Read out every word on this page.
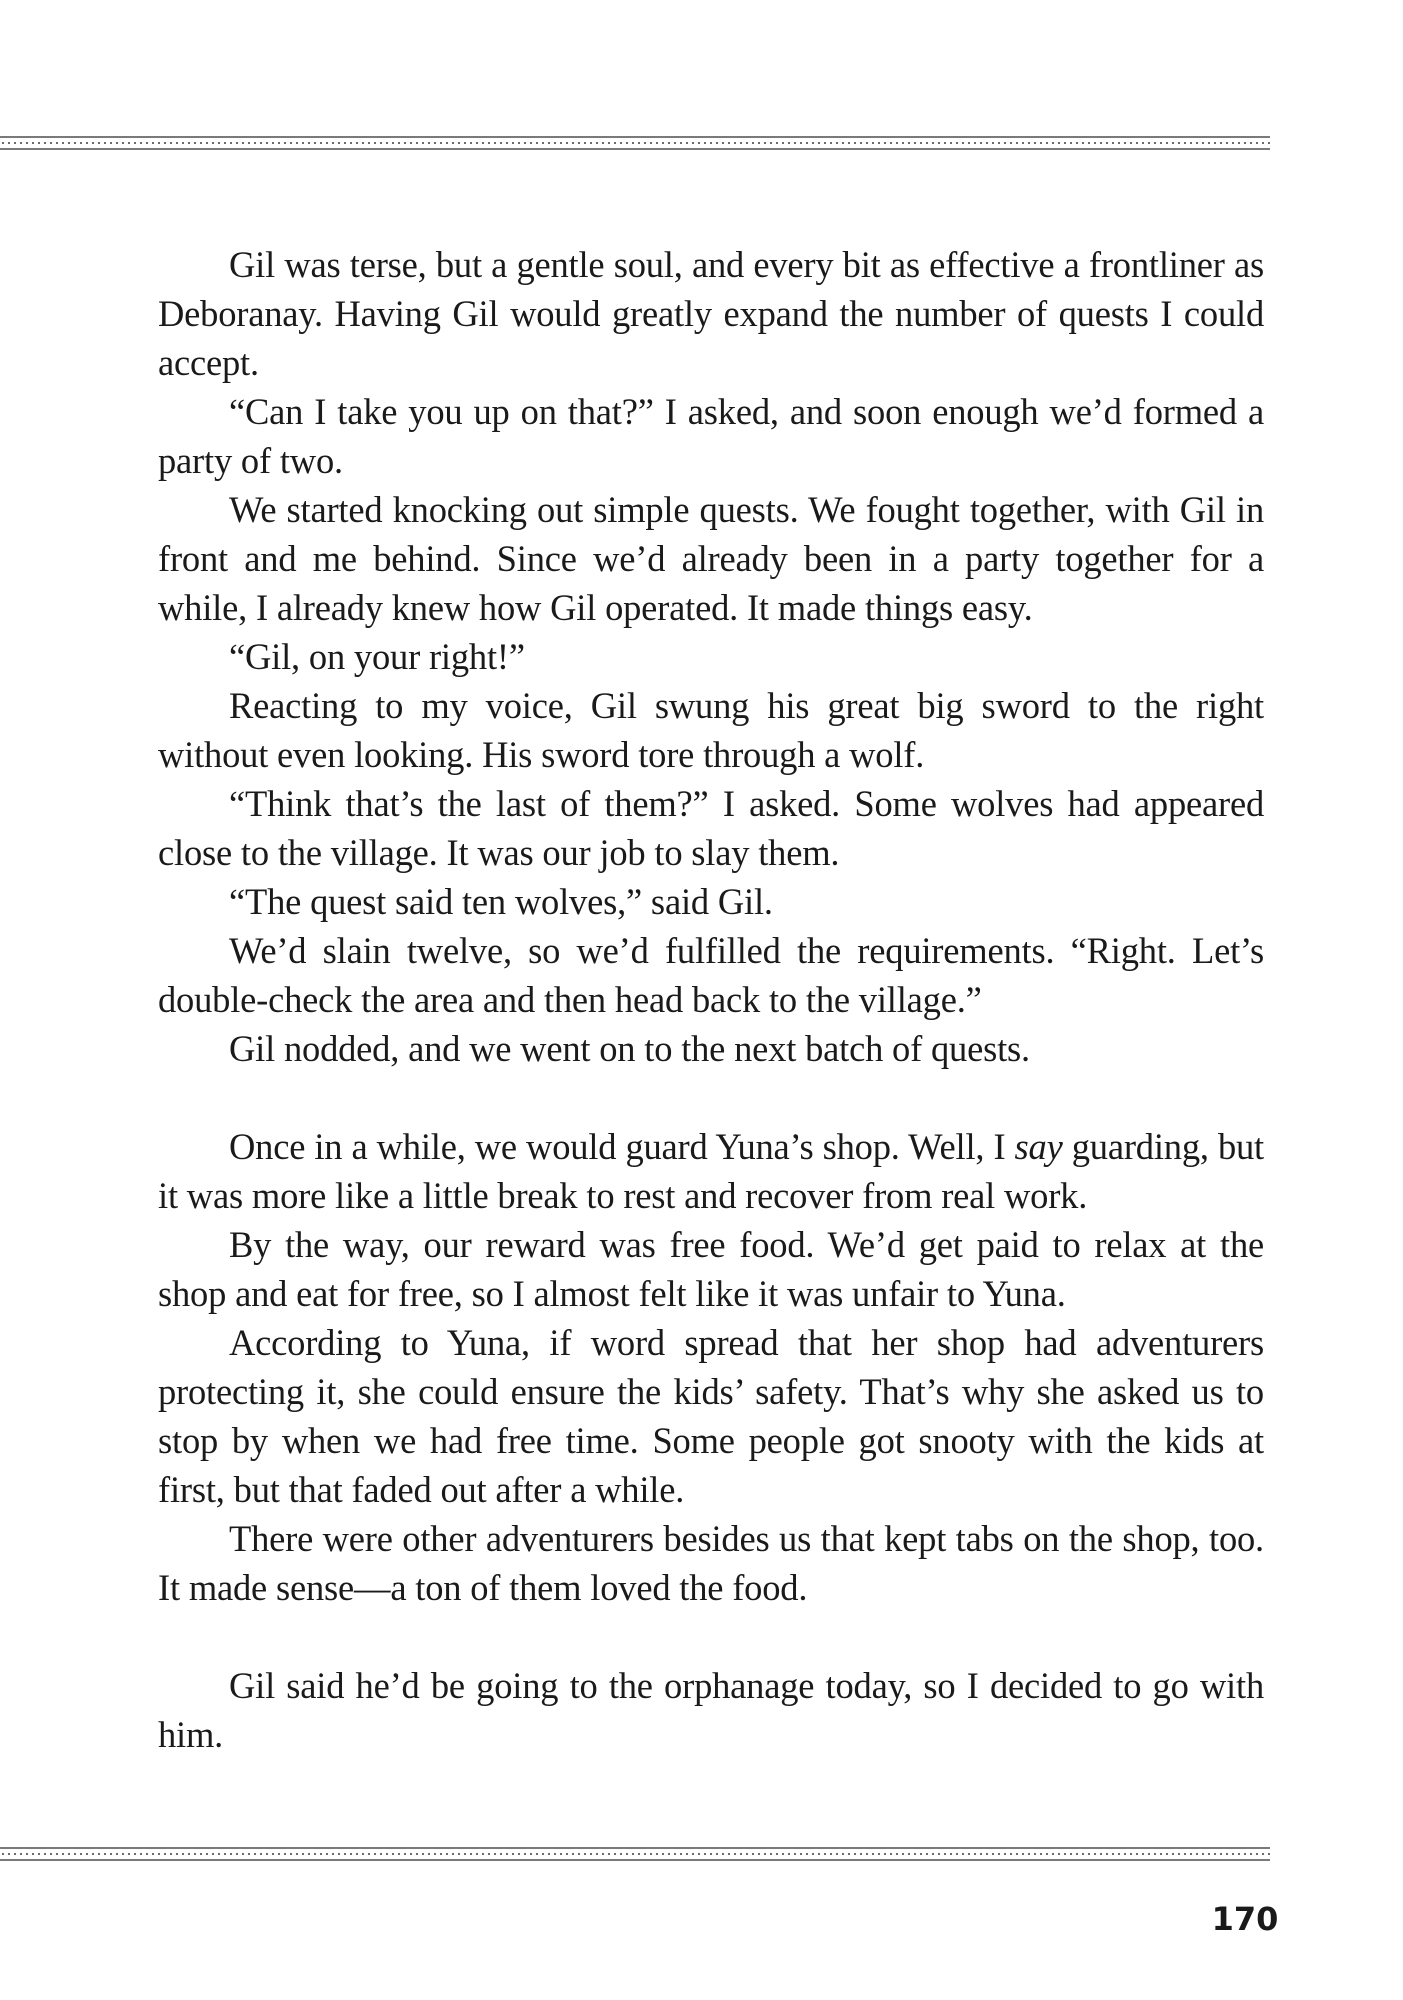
Gil was terse, but a gentle soul, and every bit as effective a frontliner as Deboranay. Having Gil would greatly expand the number of quests I could accept.

“Can I take you up on that?” I asked, and soon enough we’d formed a party of two.

We started knocking out simple quests. We fought together, with Gil in front and me behind. Since we’d already been in a party together for a while, I already knew how Gil operated. It made things easy.

“Gil, on your right!”

Reacting to my voice, Gil swung his great big sword to the right without even looking. His sword tore through a wolf.

“Think that’s the last of them?” I asked. Some wolves had appeared close to the village. It was our job to slay them.

“The quest said ten wolves,” said Gil.

We’d slain twelve, so we’d fulfilled the requirements. “Right. Let’s double-check the area and then head back to the village.”

Gil nodded, and we went on to the next batch of quests.

Once in a while, we would guard Yuna’s shop. Well, I say guarding, but it was more like a little break to rest and recover from real work.

By the way, our reward was free food. We’d get paid to relax at the shop and eat for free, so I almost felt like it was unfair to Yuna.

According to Yuna, if word spread that her shop had adventurers protecting it, she could ensure the kids’ safety. That’s why she asked us to stop by when we had free time. Some people got snooty with the kids at first, but that faded out after a while.

There were other adventurers besides us that kept tabs on the shop, too. It made sense—a ton of them loved the food.

Gil said he’d be going to the orphanage today, so I decided to go with him.

170
